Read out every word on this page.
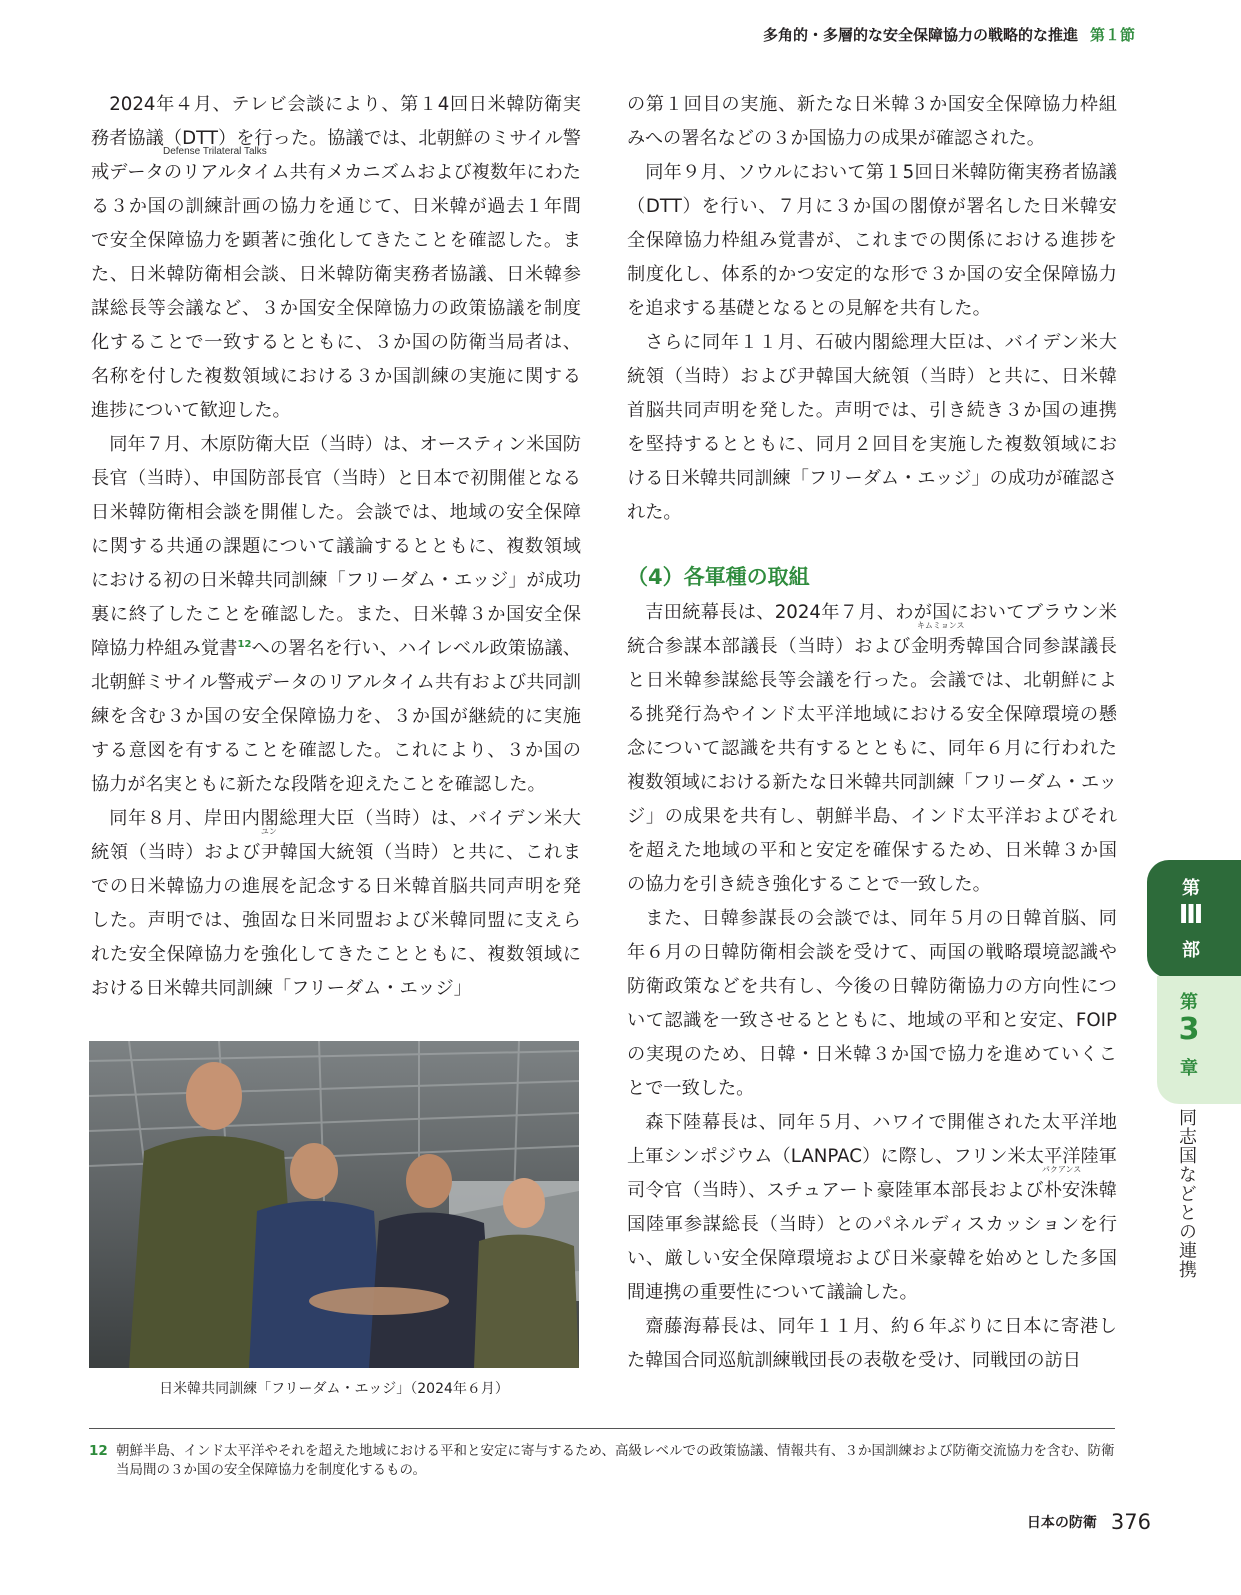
多角的・多層的な安全保障協力の戦略的な推進 第１節

2024年４月、テレビ会談により、第１4回日米韓防衛実務者協議（DTT）を行った。協議では、北朝鮮のミサイル警戒データのリアルタイム共有メカニズムおよび複数年にわたる３か国の訓練計画の協力を通じて、日米韓が過去１年間で安全保障協力を顕著に強化してきたことを確認した。また、日米韓防衛相会談、日米韓防衛実務者協議、日米韓参謀総長等会議など、３か国安全保障協力の政策協議を制度化することで一致するとともに、３か国の防衛当局者は、名称を付した複数領域における３か国訓練の実施に関する進捗について歓迎した。

同年７月、木原防衛大臣（当時）は、オースティン米国防長官（当時）、申国防部長官（当時）と日本で初開催となる日米韓防衛相会談を開催した。会談では、地域の安全保障に関する共通の課題について議論するとともに、複数領域における初の日米韓共同訓練「フリーダム・エッジ」が成功裏に終了したことを確認した。また、日米韓３か国安全保障協力枠組み覚書$^{12}$への署名を行い、ハイレベル政策協議、北朝鮮ミサイル警戒データのリアルタイム共有および共同訓練を含む３か国の安全保障協力を、３か国が継続的に実施する意図を有することを確認した。これにより、３か国の協力が名実ともに新たな段階を迎えたことを確認した。

同年８月、岸田内閣総理大臣（当時）は、バイデン米大統領（当時）および
ユン
尹韓国大統領（当時）と共に、これまでの日米韓協力の進展を記念する日米韓首脳共同声明を発した。声明では、強固な日米同盟および米韓同盟に支えられた安全保障協力を強化してきたことともに、複数領域における日米韓共同訓練「フリーダム・エッジ」

Defense Trilateral Talks
日米韓共同訓練「フリーダム・エッジ」（2024年６月）

の第１回目の実施、新たな日米韓３か国安全保障協力枠組みへの署名などの３か国協力の成果が確認された。

同年９月、ソウルにおいて第１5回日米韓防衛実務者協議（DTT）を行い、７月に３か国の閣僚が署名した日米韓安全保障協力枠組み覚書が、これまでの関係における進捗を制度化し、体系的かつ安定的な形で３か国の安全保障協力を追求する基礎となるとの見解を共有した。

さらに同年１１月、石破内閣総理大臣は、バイデン米大統領（当時）および尹韓国大統領（当時）と共に、日米韓首脳共同声明を発した。声明では、引き続き３か国の連携を堅持するとともに、同月２回目を実施した複数領域における日米韓共同訓練「フリーダム・エッジ」の成功が確認された。

（4）各軍種の取組

吉田統幕長は、2024年７月、わが国においてブラウン米統合参謀本部議長（当時）および
キムミョンス
金明秀韓国合同参謀議長と日米韓参謀総長等会議を行った。会議では、北朝鮮による挑発行為やインド太平洋地域における安全保障環境の懸念について認識を共有するとともに、同年６月に行われた複数領域における新たな日米韓共同訓練「フリーダム・エッジ」の成果を共有し、朝鮮半島、インド太平洋およびそれを超えた地域の平和と安定を確保するため、日米韓３か国の協力を引き続き強化することで一致した。

また、日韓参謀長の会談では、同年５月の日韓首脳、同年６月の日韓防衛相会談を受けて、両国の戦略環境認識や防衛政策などを共有し、今後の日韓防衛協力の方向性について認識を一致させるとともに、地域の平和と安定、FOIPの実現のため、日韓・日米韓３か国で協力を進めていくことで一致した。

森下陸幕長は、同年５月、ハワイで開催された太平洋地上軍シンポジウム（LANPAC）に際し、フリン米太平洋陸軍司令官（当時）、スチュアート豪陸軍本部長および
パクアンス
朴安洙韓国陸軍参謀総長（当時）とのパネルディスカッションを行い、厳しい安全保障環境および日米豪韓を始めとした多国間連携の重要性について議論した。

齋藤海幕長は、同年１１月、約６年ぶりに日本に寄港した韓国合同巡航訓練戦団長の表敬を受け、同戦団の訪日

12 朝鮮半島、インド太平洋やそれを超えた地域における平和と安定に寄与するため、高級レベルでの政策協議、情報共有、３か国訓練および防衛交流協力を含む、防衛当局間の３か国の安全保障協力を制度化するもの。
日本の防衛 376
第
Ⅲ
部
第
3
章
同志国などとの連携
